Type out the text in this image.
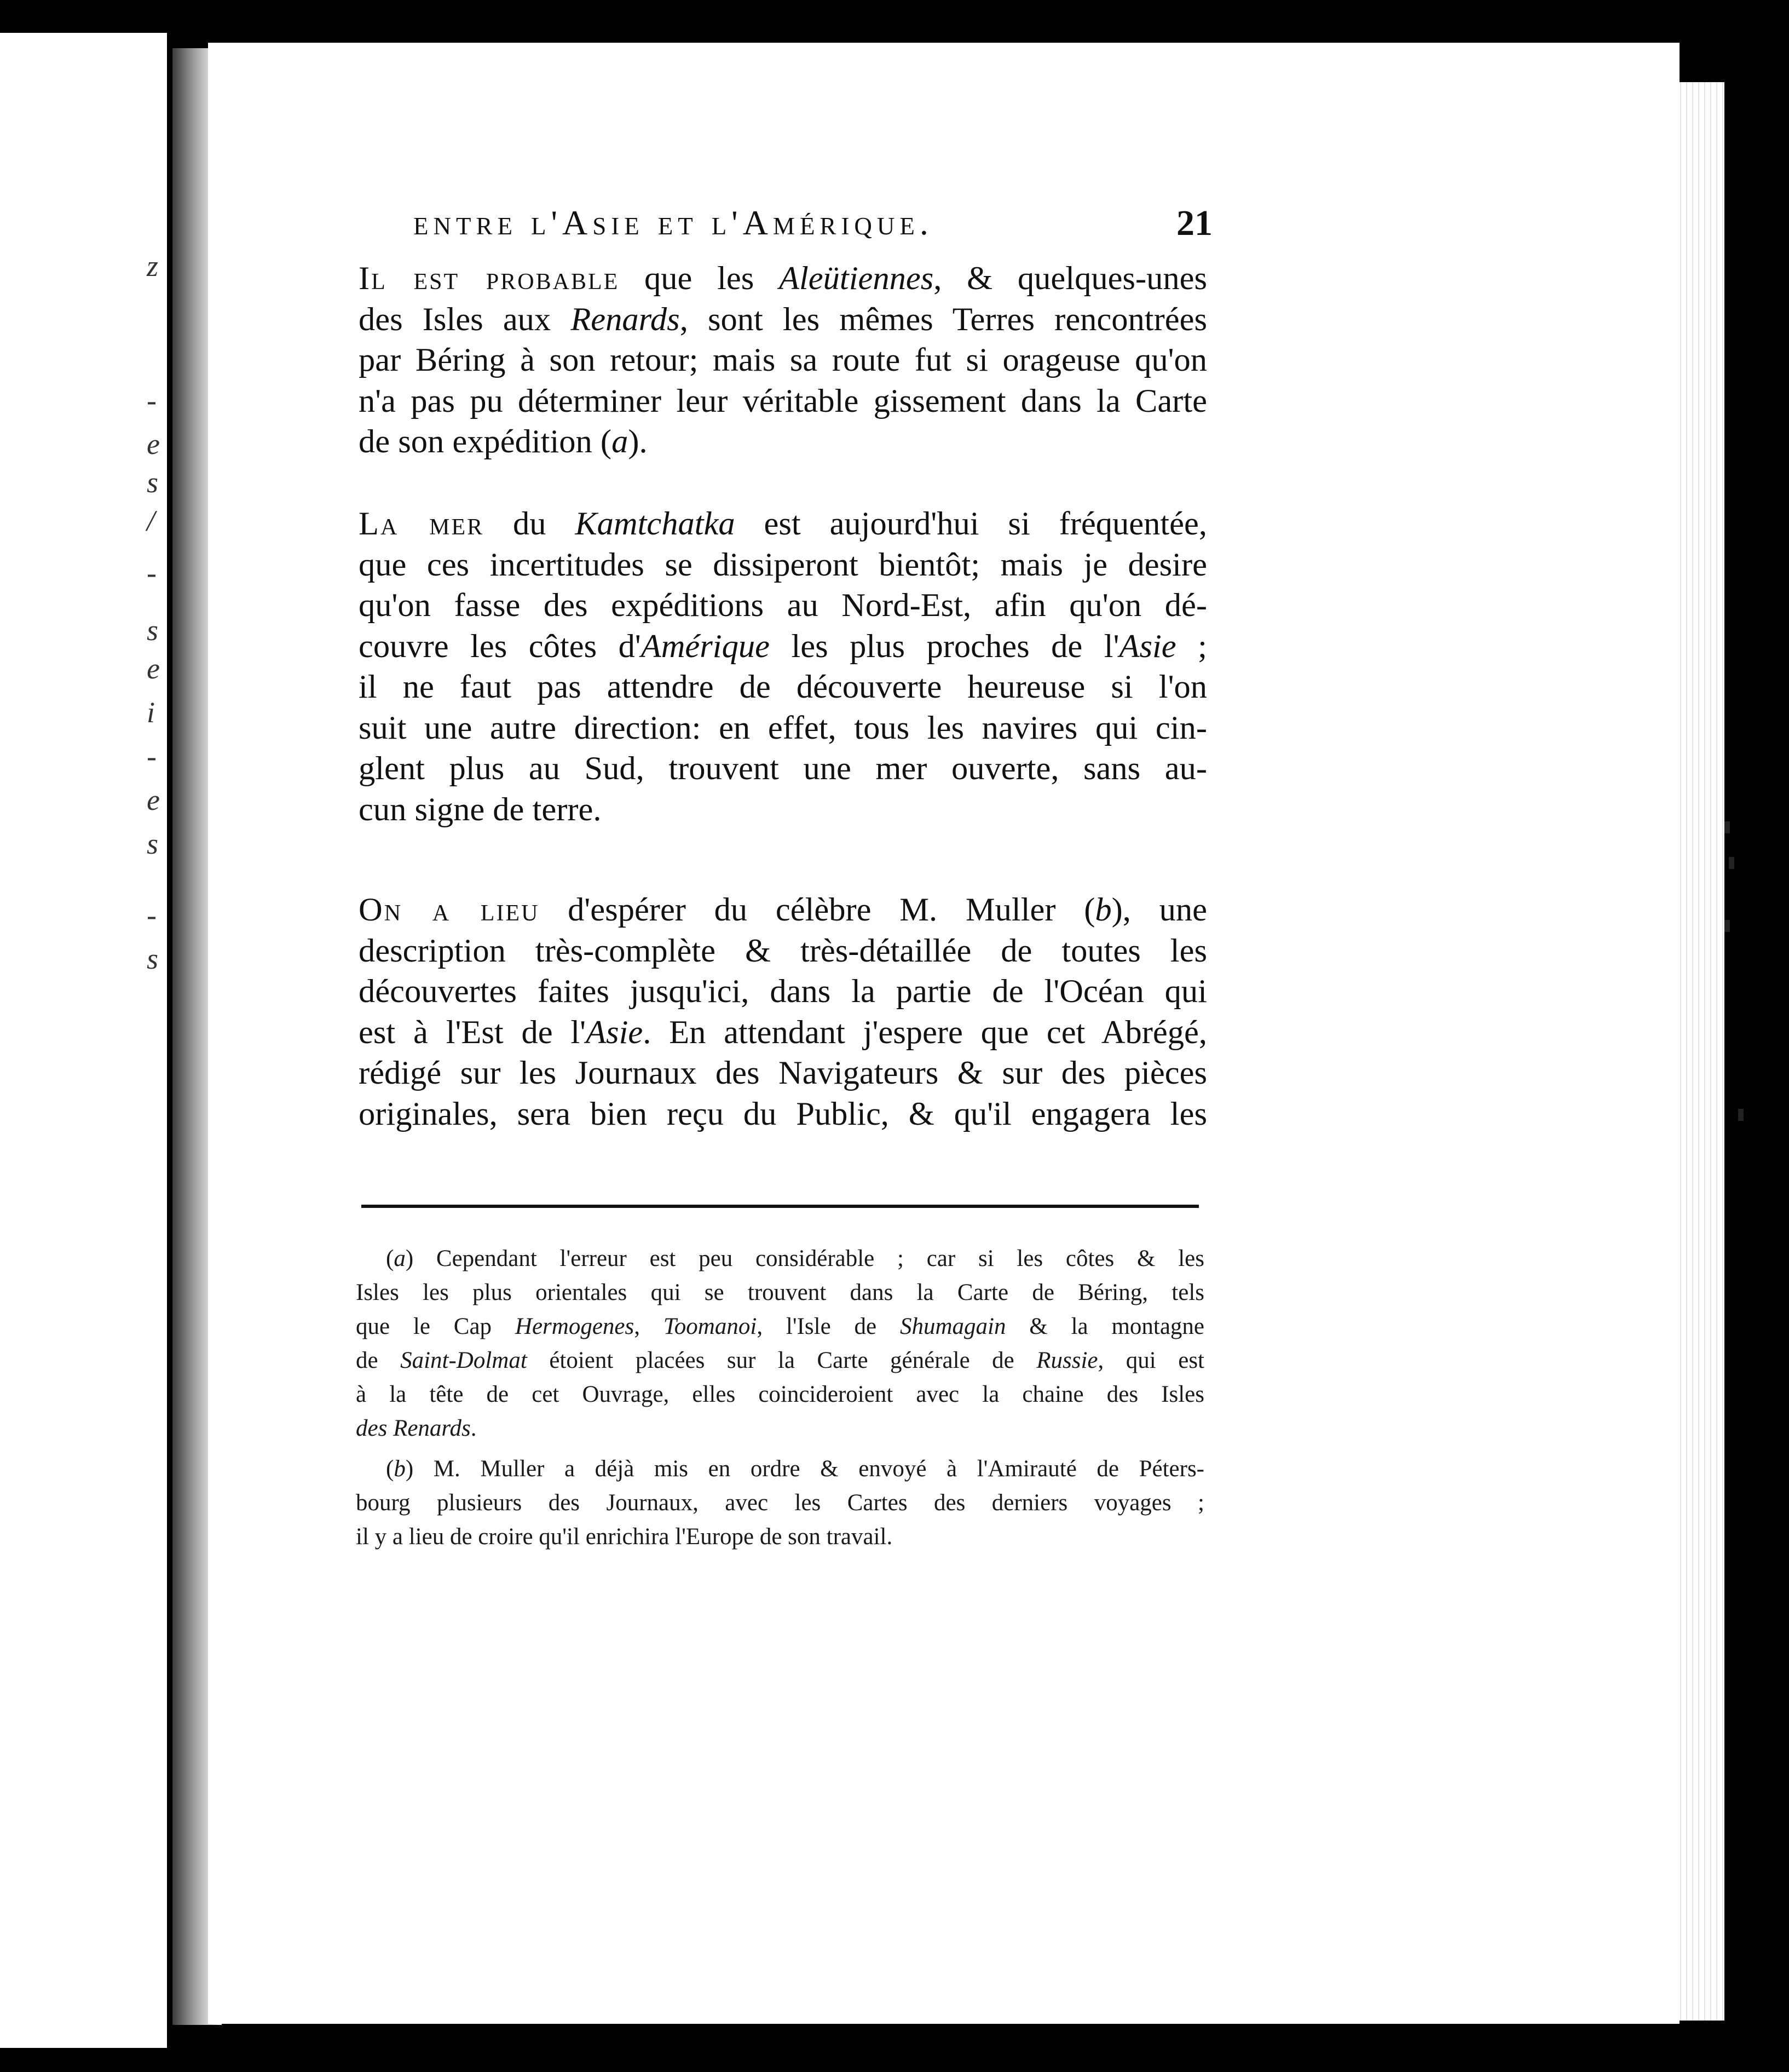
z
-
e
s
/
-
s
e
i
-
e
s
-
s
entre l'Asie et l'Amérique.	21
Il est probable que les Aleütiennes, & quelques-unes
des Isles aux Renards, sont les mêmes Terres rencontrées
par Béring à son retour; mais sa route fut si orageuse qu'on
n'a pas pu déterminer leur véritable gissement dans la Carte
de son expédition (a).
La mer du Kamtchatka est aujourd'hui si fréquentée,
que ces incertitudes se dissiperont bientôt; mais je desire
qu'on fasse des expéditions au Nord-Est, afin qu'on dé-
couvre les côtes d'Amérique les plus proches de l'Asie ;
il ne faut pas attendre de découverte heureuse si l'on
suit une autre direction: en effet, tous les navires qui cin-
glent plus au Sud, trouvent une mer ouverte, sans au-
cun signe de terre.
On a lieu d'espérer du célèbre M. Muller (b), une
description très-complète & très-détaillée de toutes les
découvertes faites jusqu'ici, dans la partie de l'Océan qui
est à l'Est de l'Asie. En attendant j'espere que cet Abrégé,
rédigé sur les Journaux des Navigateurs & sur des pièces
originales, sera bien reçu du Public, & qu'il engagera les
(a) Cependant l'erreur est peu considérable ; car si les côtes & les
Isles les plus orientales qui se trouvent dans la Carte de Béring, tels
que le Cap Hermogenes, Toomanoi, l'Isle de Shumagain & la montagne
de Saint-Dolmat étoient placées sur la Carte générale de Russie, qui est
à la tête de cet Ouvrage, elles coincideroient avec la chaine des Isles
des Renards.
(b) M. Muller a déjà mis en ordre & envoyé à l'Amirauté de Péters-
bourg plusieurs des Journaux, avec les Cartes des derniers voyages ;
il y a lieu de croire qu'il enrichira l'Europe de son travail.
